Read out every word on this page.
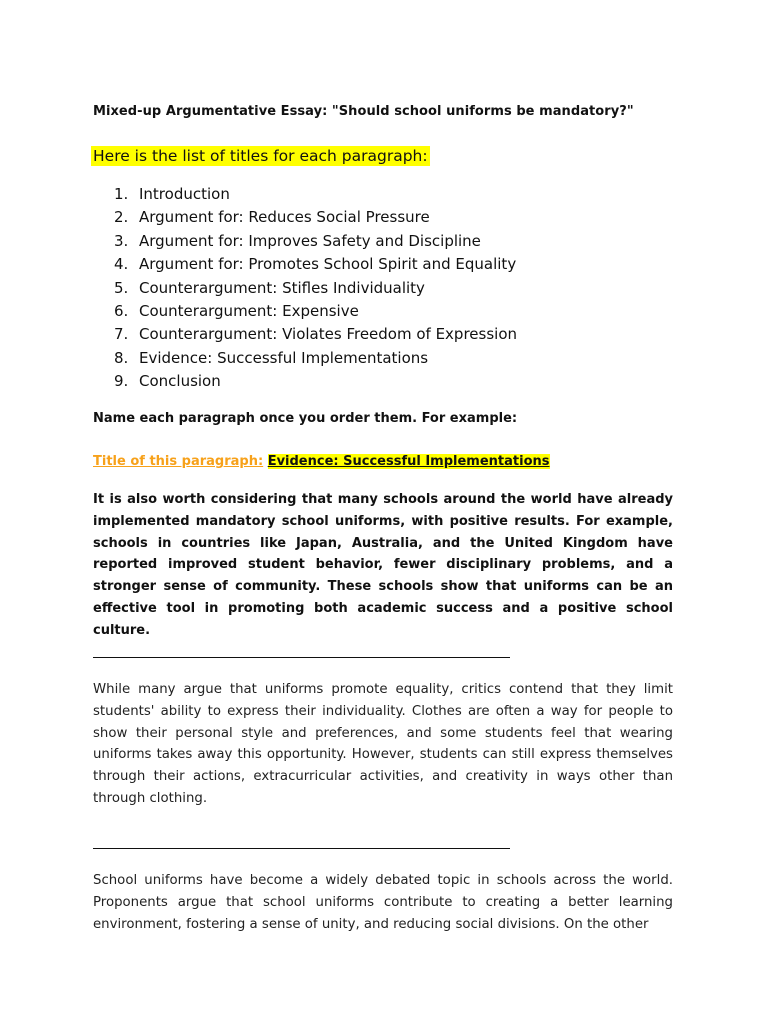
Mixed-up Argumentative Essay: "Should school uniforms be mandatory?"
Here is the list of titles for each paragraph:
1. Introduction
2. Argument for: Reduces Social Pressure
3. Argument for: Improves Safety and Discipline
4. Argument for: Promotes School Spirit and Equality
5. Counterargument: Stifles Individuality
6. Counterargument: Expensive
7. Counterargument: Violates Freedom of Expression
8. Evidence: Successful Implementations
9. Conclusion
Name each paragraph once you order them. For example:
Title of this paragraph: Evidence: Successful Implementations

It is also worth considering that many schools around the world have already implemented mandatory school uniforms, with positive results. For example, schools in countries like Japan, Australia, and the United Kingdom have reported improved student behavior, fewer disciplinary problems, and a stronger sense of community. These schools show that uniforms can be an effective tool in promoting both academic success and a positive school culture.

While many argue that uniforms promote equality, critics contend that they limit students' ability to express their individuality. Clothes are often a way for people to show their personal style and preferences, and some students feel that wearing uniforms takes away this opportunity. However, students can still express themselves through their actions, extracurricular activities, and creativity in ways other than through clothing.

School uniforms have become a widely debated topic in schools across the world. Proponents argue that school uniforms contribute to creating a better learning environment, fostering a sense of unity, and reducing social divisions. On the other
